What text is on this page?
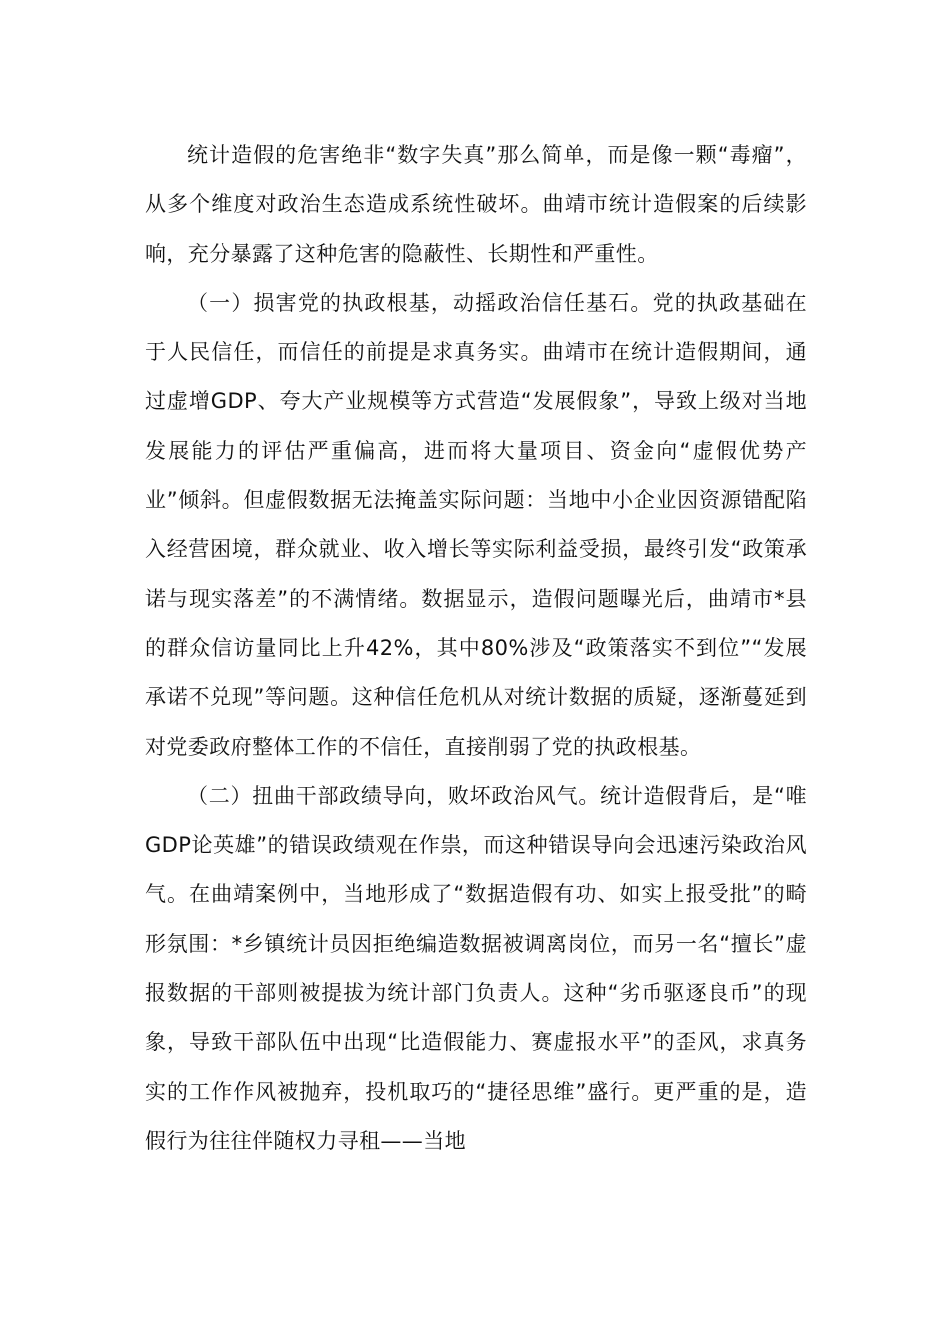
统计造假的危害绝非“数字失真”那么简单，而是像一颗“毒瘤”，从多个维度对政治生态造成系统性破坏。曲靖市统计造假案的后续影响，充分暴露了这种危害的隐蔽性、长期性和严重性。

（一）损害党的执政根基，动摇政治信任基石。党的执政基础在于人民信任，而信任的前提是求真务实。曲靖市在统计造假期间，通过虚增GDP、夸大产业规模等方式营造“发展假象”，导致上级对当地发展能力的评估严重偏高，进而将大量项目、资金向“虚假优势产业”倾斜。但虚假数据无法掩盖实际问题：当地中小企业因资源错配陷入经营困境，群众就业、收入增长等实际利益受损，最终引发“政策承诺与现实落差”的不满情绪。数据显示，造假问题曝光后，曲靖市*县的群众信访量同比上升42%，其中80%涉及“政策落实不到位”“发展承诺不兑现”等问题。这种信任危机从对统计数据的质疑，逐渐蔓延到对党委政府整体工作的不信任，直接削弱了党的执政根基。

（二）扭曲干部政绩导向，败坏政治风气。统计造假背后，是“唯GDP论英雄”的错误政绩观在作祟，而这种错误导向会迅速污染政治风气。在曲靖案例中，当地形成了“数据造假有功、如实上报受批”的畸形氛围：*乡镇统计员因拒绝编造数据被调离岗位，而另一名“擅长”虚报数据的干部则被提拔为统计部门负责人。这种“劣币驱逐良币”的现象，导致干部队伍中出现“比造假能力、赛虚报水平”的歪风，求真务实的工作作风被抛弃，投机取巧的“捷径思维”盛行。更严重的是，造假行为往往伴随权力寻租——当地
